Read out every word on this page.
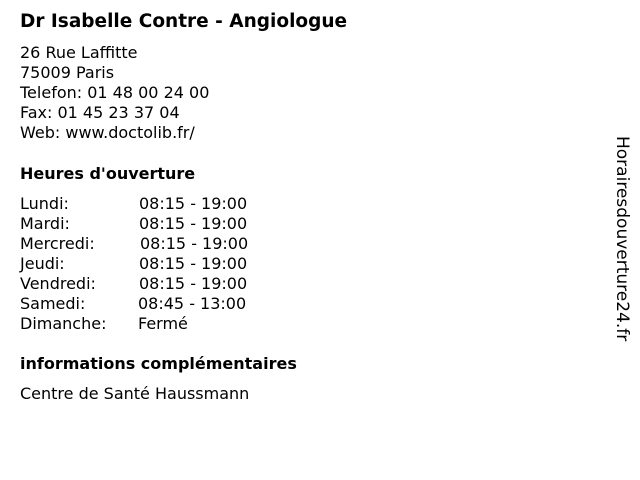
Dr Isabelle Contre - Angiologue
26 Rue Laffitte
75009 Paris
Telefon: 01 48 00 24 00
Fax: 01 45 23 37 04
Web: www.doctolib.fr/
Heures d'ouverture
Lundi:	08:15 - 19:00
Mardi:	08:15 - 19:00
Mercredi:	08:15 - 19:00
Jeudi:	08:15 - 19:00
Vendredi:	08:15 - 19:00
Samedi:	08:45 - 13:00
Dimanche: Fermé
informations complémentaires
Centre de Santé Haussmann
Horairesdouverture24.fr
